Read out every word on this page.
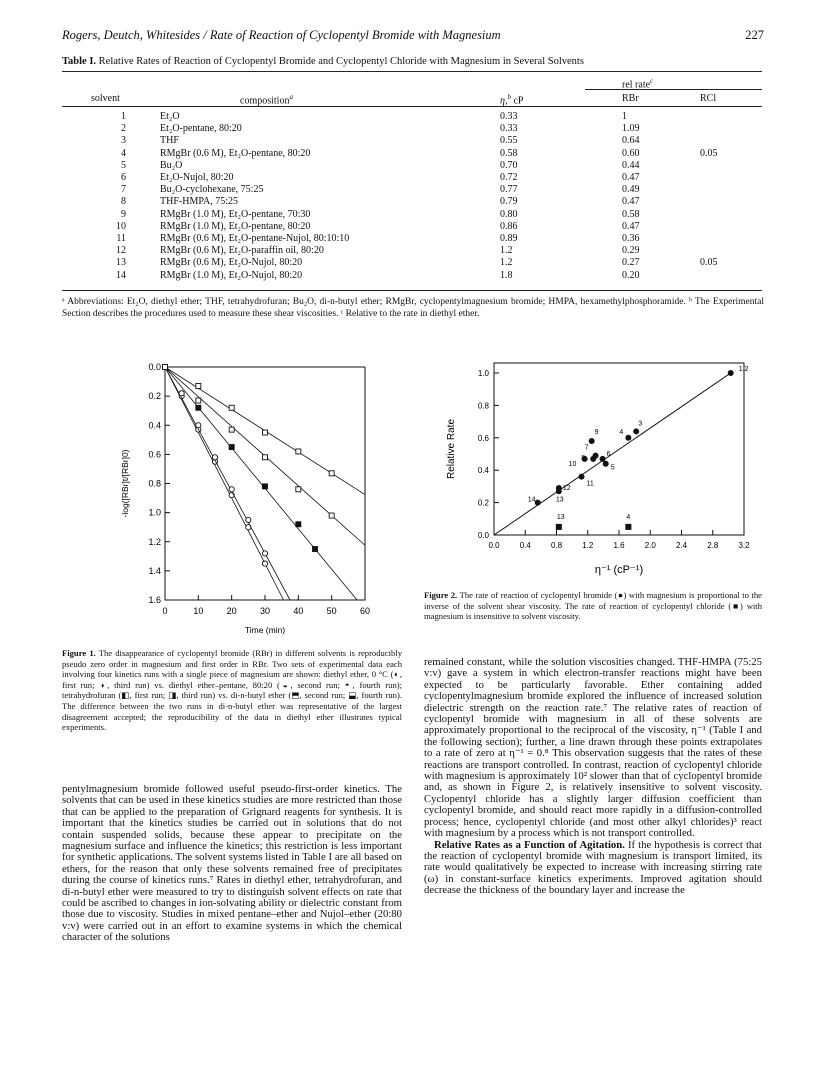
Rogers, Deutch, Whitesides / Rate of Reaction of Cyclopentyl Bromide with Magnesium	227
Table I. Relative Rates of Reaction of Cyclopentyl Bromide and Cyclopentyl Chloride with Magnesium in Several Solvents
rel rate$^c$
solvent	composition$^a$	η,$^b$ cP	RBr	RCl
1	Et₂O	0.33	1
2	Et₂O-pentane, 80:20	0.33	1.09
3	THF	0.55	0.64
4	RMgBr (0.6 M), Et₂O-pentane, 80:20	0.58	0.60	0.05
5	Bu₂O	0.70	0.44
6	Et₂O-Nujol, 80:20	0.72	0.47
7	Bu₂O-cyclohexane, 75:25	0.77	0.49
8	THF-HMPA, 75:25	0.79	0.47
9	RMgBr (1.0 M), Et₂O-pentane, 70:30	0.80	0.58
10	RMgBr (1.0 M), Et₂O-pentane, 80:20	0.86	0.47
11	RMgBr (0.6 M), Et₂O-pentane-Nujol, 80:10:10	0.89	0.36
12	RMgBr (0.6 M), Et₂O-paraffin oil, 80:20	1.2	0.29
13	RMgBr (0.6 M), Et₂O-Nujol, 80:20	1.2	0.27	0.05
14	RMgBr (1.0 M), Et₂O-Nujol, 80:20	1.8	0.20
ᵃ Abbreviations: Et₂O, diethyl ether; THF, tetrahydrofuran; Bu₂O, di-n-butyl ether; RMgBr, cyclopentylmagnesium bromide; HMPA, hexamethylphosphoramide. ᵇ The Experimental Section describes the procedures used to measure these shear viscosities. ᶜ Relative to the rate in diethyl ether.
0.0
0.2
0.4
0.6
0.8
1.0
1.2
1.4
1.6
0	10	20	30	40	50	60
Time (min)
-log([RBr]t/[RBr]0)
0.0
0.2
0.4
0.6
0.8
1.0
0.0	0.4	0.8	1.2	1.6	2.0	2.4	2.8	3.2
η⁻¹ (cP⁻¹)
Relative Rate
1,2
3
4
5
6
7
9
10
11
12
13
14
13	4
Figure 1. The disappearance of cyclopentyl bromide (RBr) in different solvents is reproducibly pseudo zero order in magnesium and first order in RBr. Two sets of experimental data each involving four kinetics runs with a single piece of magnesium are shown: diethyl ether, 0 °C (◐, first run; ◑, third run) vs. diethyl ether–pentane, 80:20 (◒, second run; ◓, fourth run); tetrahydrofuran (◧, first run; ◨, third run) vs. di-n-butyl ether (⬒, second run; ⬓, fourth run). The difference between the two runs in di-n-butyl ether was representative of the largest disagreement accepted; the reproducibility of the data in diethyl ether illustrates typical experiments.
Figure 2. The rate of reaction of cyclopentyl bromide (●) with magnesium is proportional to the inverse of the solvent shear viscosity. The rate of reaction of cyclopentyl chloride (■) with magnesium is insensitive to solvent viscosity.

pentylmagnesium bromide followed useful pseudo-first-order kinetics. The solvents that can be used in these kinetics studies are more restricted than those that can be applied to the preparation of Grignard reagents for synthesis. It is important that the kinetics studies be carried out in solutions that do not contain suspended solids, because these appear to precipitate on the magnesium surface and influence the kinetics; this restriction is less important for synthetic applications. The solvent systems listed in Table I are all based on ethers, for the reason that only these solvents remained free of precipitates during the course of kinetics runs.⁷ Rates in diethyl ether, tetrahydrofuran, and di-n-butyl ether were measured to try to distinguish solvent effects on rate that could be ascribed to changes in ion-solvating ability or dielectric constant from those due to viscosity. Studies in mixed pentane–ether and Nujol–ether (20:80 v:v) were carried out in an effort to examine systems in which the chemical character of the solutions

remained constant, while the solution viscosities changed. THF-HMPA (75:25 v:v) gave a system in which electron-transfer reactions might have been expected to be particularly favorable. Ether containing added cyclopentylmagnesium bromide explored the influence of increased solution dielectric strength on the reaction rate.⁷ The relative rates of reaction of cyclopentyl bromide with magnesium in all of these solvents are approximately proportional to the reciprocal of the viscosity, η⁻¹ (Table I and the following section); further, a line drawn through these points extrapolates to a rate of zero at η⁻¹ = 0.⁸ This observation suggests that the rates of these reactions are transport controlled. In contrast, reaction of cyclopentyl chloride with magnesium is approximately 10² slower than that of cyclopentyl bromide and, as shown in Figure 2, is relatively insensitive to solvent viscosity. Cyclopentyl chloride has a slightly larger diffusion coefficient than cyclopentyl bromide, and should react more rapidly in a diffusion-controlled process; hence, cyclopentyl chloride (and most other alkyl chlorides)³ react with magnesium by a process which is not transport controlled.

Relative Rates as a Function of Agitation. If the hypothesis is correct that the reaction of cyclopentyl bromide with magnesium is transport limited, its rate would qualitatively be expected to increase with increasing stirring rate (ω) in constant-surface kinetics experiments. Improved agitation should decrease the thickness of the boundary layer and increase the
